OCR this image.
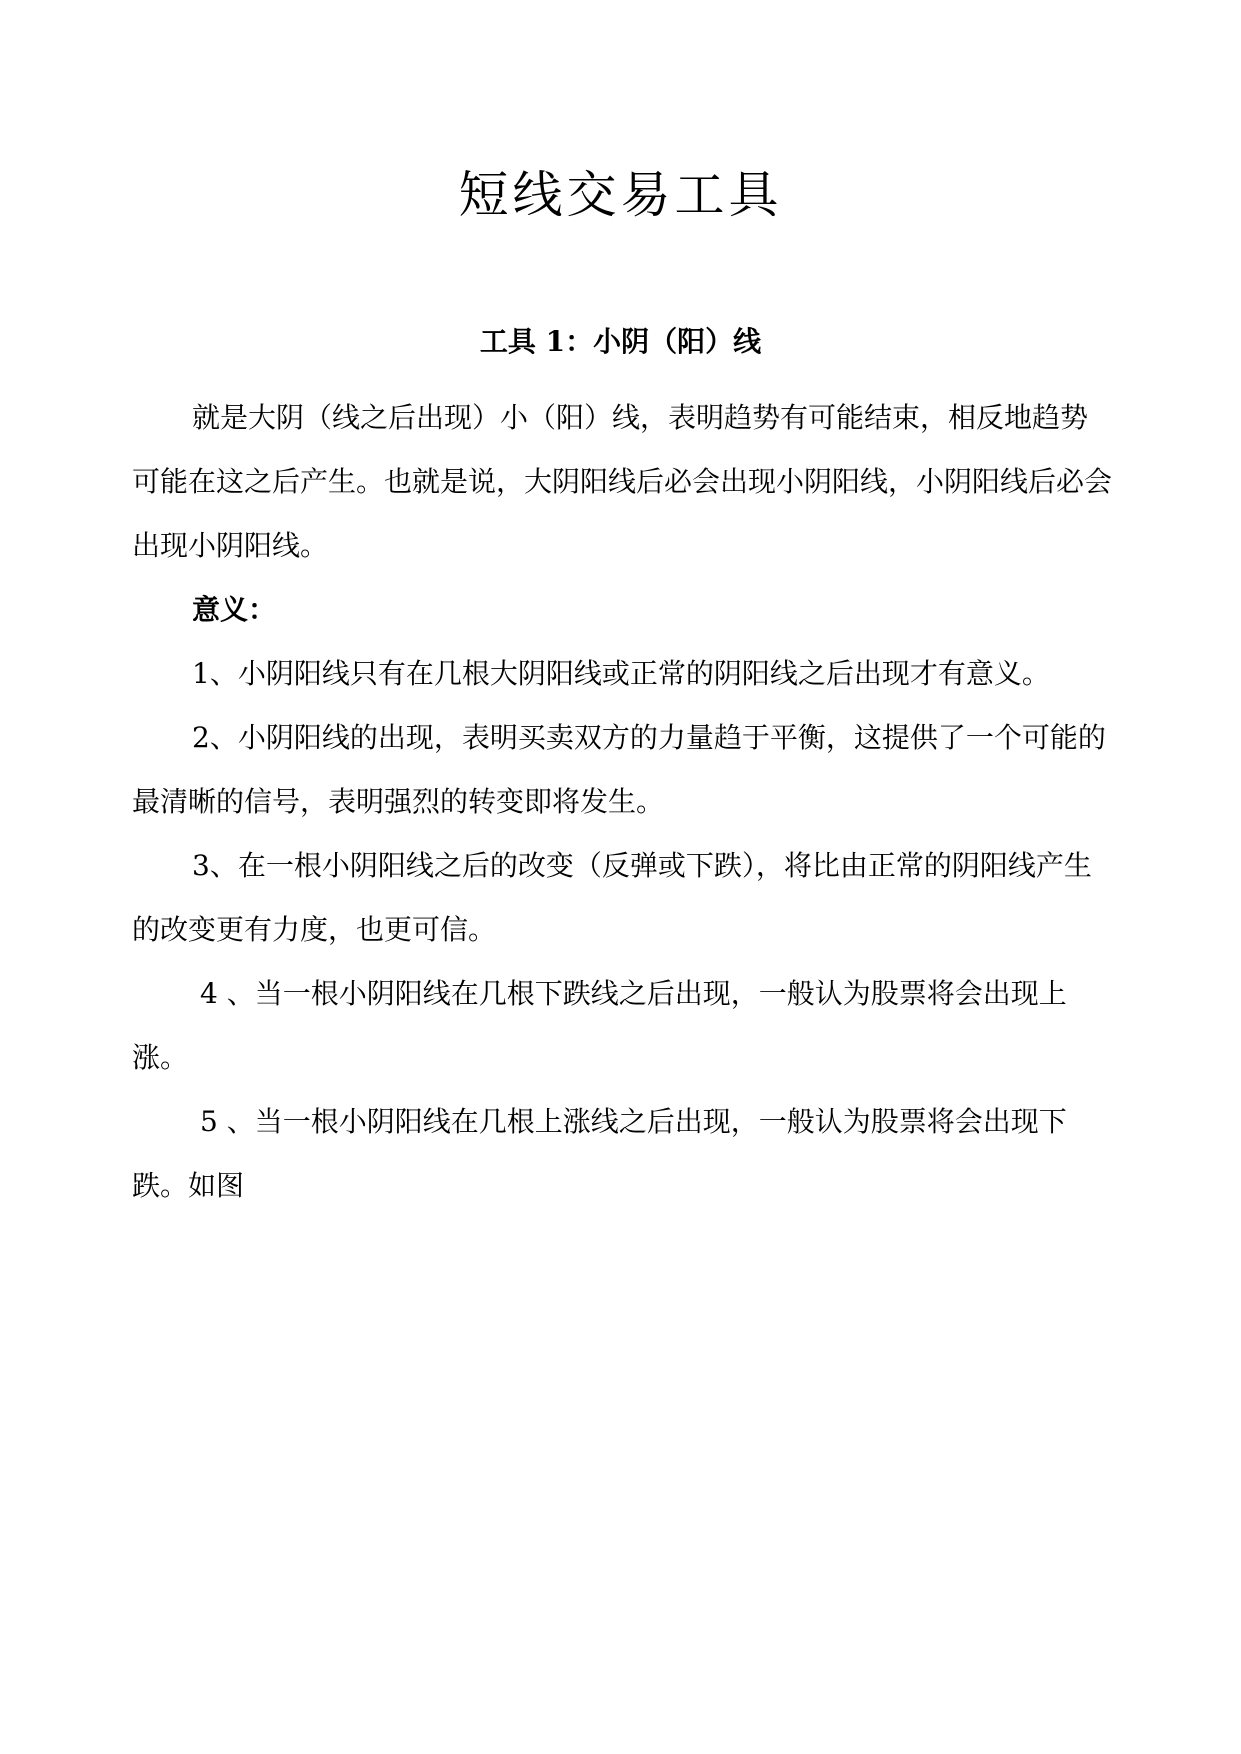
短线交易工具
工具 1：小阴（阳）线

就是大阴（线之后出现）小（阳）线，表明趋势有可能结束，相反地趋势可能在这之后产生。也就是说，大阴阳线后必会出现小阴阳线，小阴阳线后必会出现小阴阳线。

意义：

1、小阴阳线只有在几根大阴阳线或正常的阴阳线之后出现才有意义。

2、小阴阳线的出现，表明买卖双方的力量趋于平衡，这提供了一个可能的最清晰的信号，表明强烈的转变即将发生。

3、在一根小阴阳线之后的改变（反弹或下跌），将比由正常的阴阳线产生的改变更有力度，也更可信。

4 、当一根小阴阳线在几根下跌线之后出现，一般认为股票将会出现上涨。

5 、当一根小阴阳线在几根上涨线之后出现，一般认为股票将会出现下跌。如图
